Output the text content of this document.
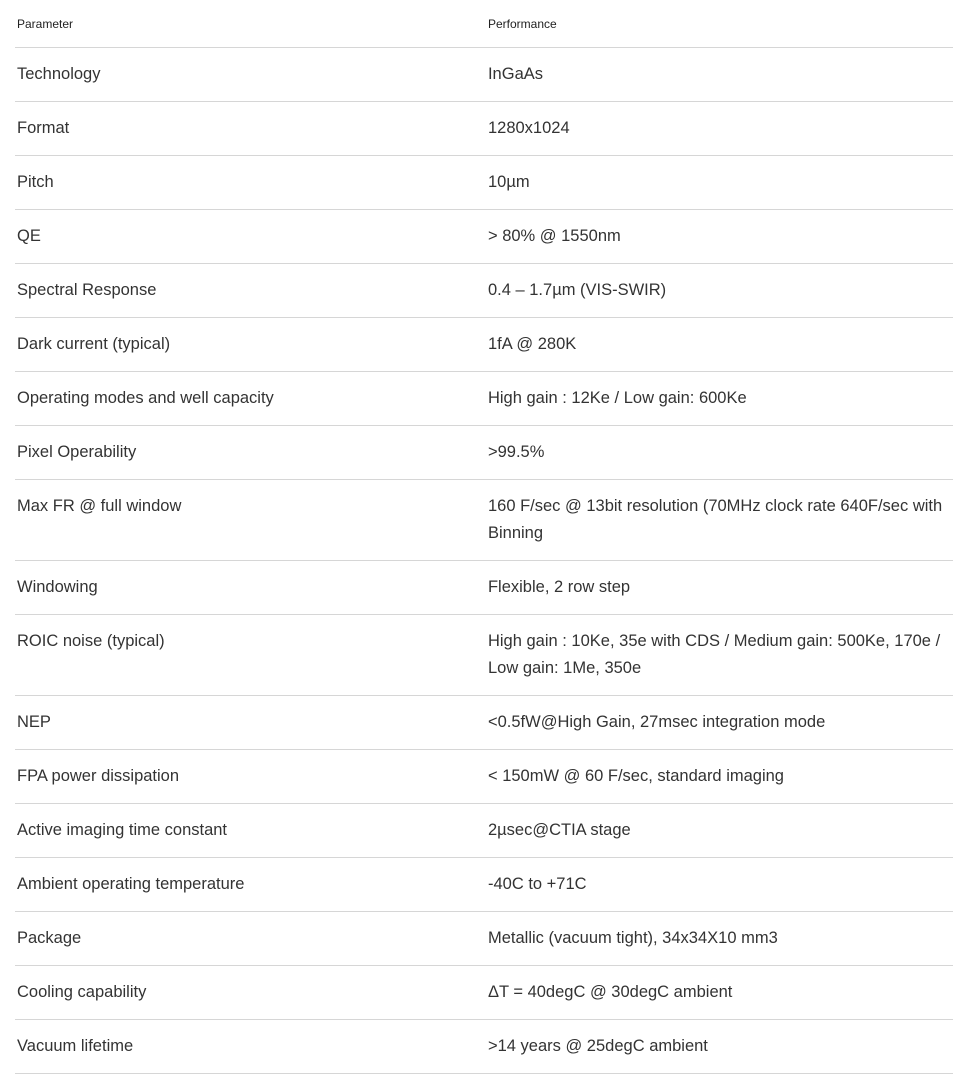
Parameter	Performance
Technology	InGaAs
Format	1280x1024
Pitch	10µm
QE	> 80% @ 1550nm
Spectral Response	0.4 – 1.7µm (VIS-SWIR)
Dark current (typical)	1fA @ 280K
Operating modes and well capacity	High gain : 12Ke / Low gain: 600Ke
Pixel Operability	>99.5%
Max FR @ full window	160 F/sec @ 13bit resolution (70MHz clock rate 640F/sec with Binning
Windowing	Flexible, 2 row step
ROIC noise (typical)	High gain : 10Ke, 35e with CDS / Medium gain: 500Ke, 170e / Low gain: 1Me, 350e
NEP	<0.5fW@High Gain, 27msec integration mode
FPA power dissipation	< 150mW @ 60 F/sec, standard imaging
Active imaging time constant	2µsec@CTIA stage
Ambient operating temperature	-40C to +71C
Package	Metallic (vacuum tight), 34x34X10 mm3
Cooling capability	ΔT = 40degC @ 30degC ambient
Vacuum lifetime	>14 years @ 25degC ambient
